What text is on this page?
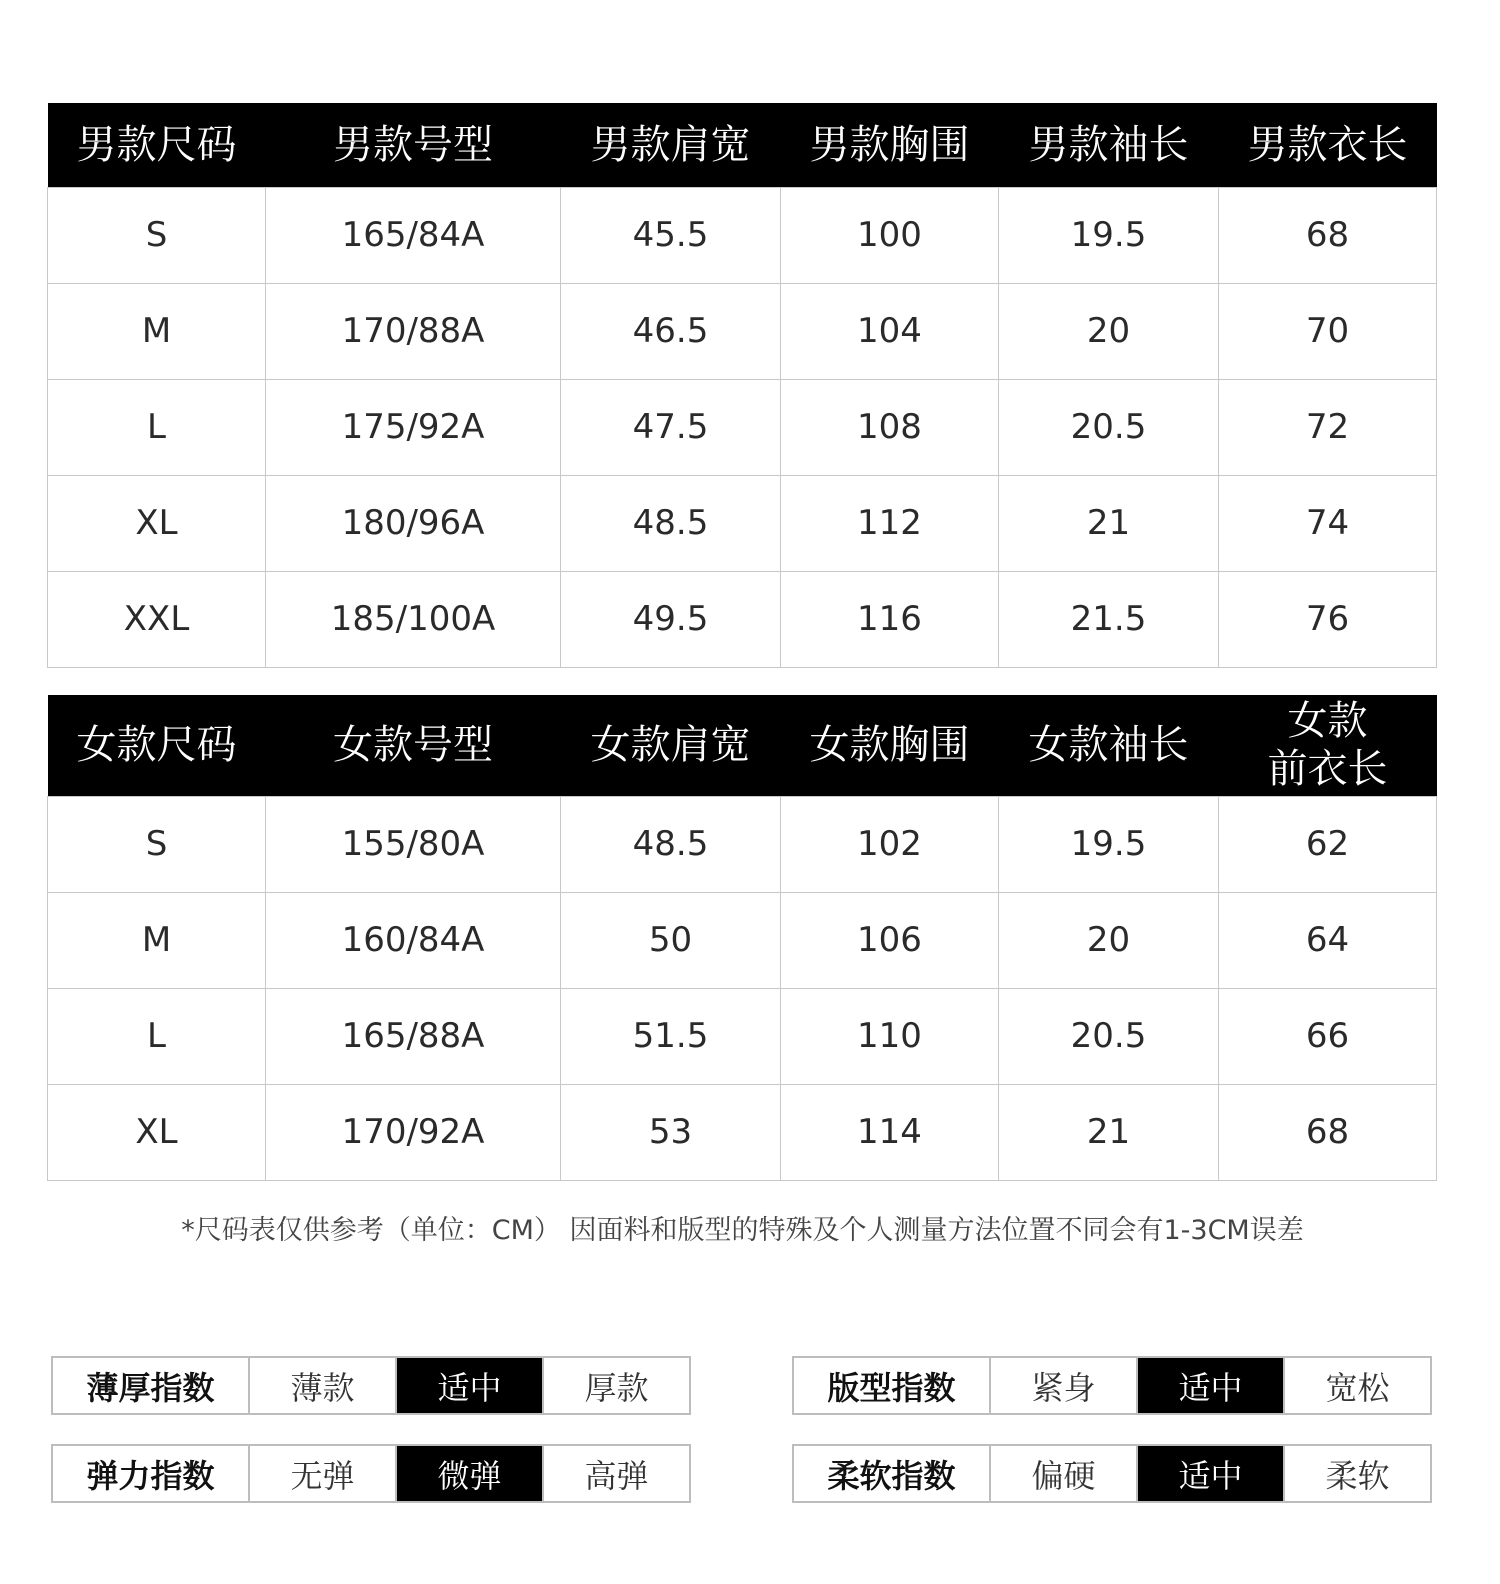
男款尺码	男款号型	男款肩宽	男款胸围	男款袖长	男款衣长
S	165/84A	45.5	100	19.5	68
M	170/88A	46.5	104	20	70
L	175/92A	47.5	108	20.5	72
XL	180/96A	48.5	112	21	74
XXL	185/100A	49.5	116	21.5	76
女款尺码	女款号型	女款肩宽	女款胸围	女款袖长	女款
前衣长
S	155/80A	48.5	102	19.5	62
M	160/84A	50	106	20	64
L	165/88A	51.5	110	20.5	66
XL	170/92A	53	114	21	68
*尺码表仅供参考（单位：CM） 因面料和版型的特殊及个人测量方法位置不同会有1-3CM误差
薄厚指数	薄款	适中	厚款
弹力指数	无弹	微弹	高弹
版型指数	紧身	适中	宽松
柔软指数	偏硬	适中	柔软
